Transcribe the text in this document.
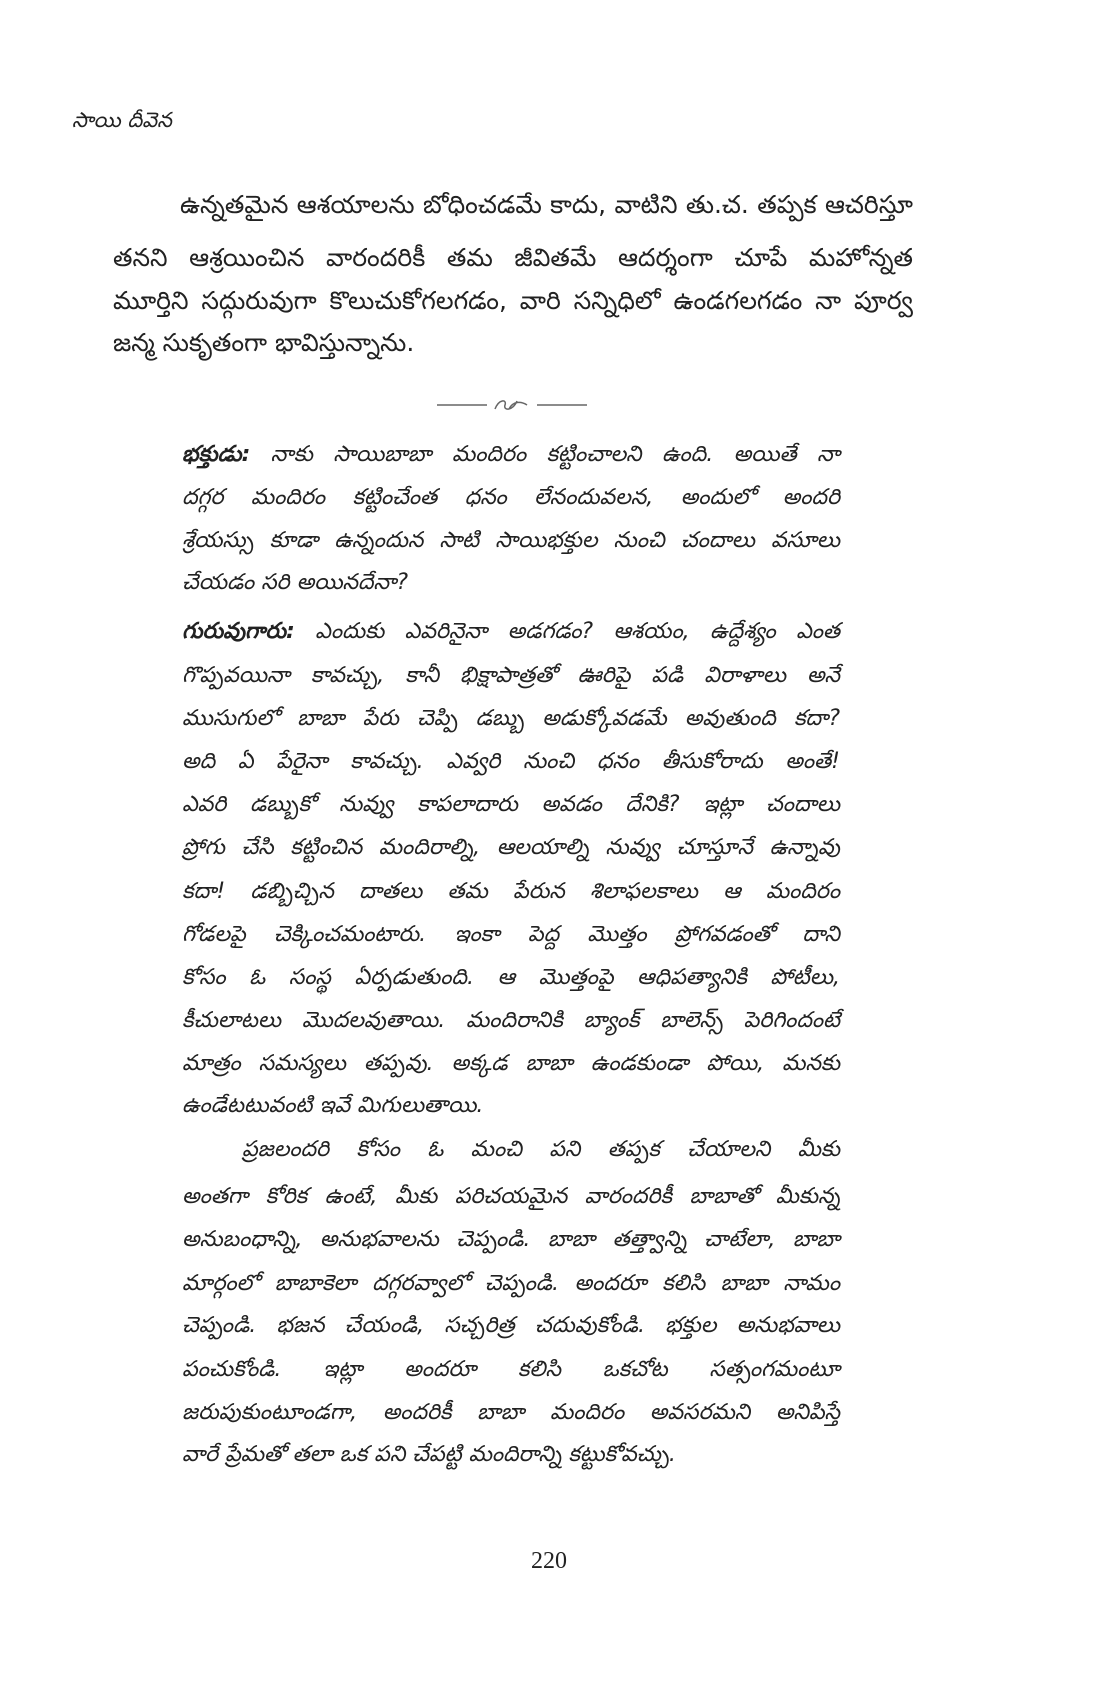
సాయి దీవెన
ఉన్నతమైన ఆశయాలను బోధించడమే కాదు, వాటిని తు.చ. తప్పక ఆచరిస్తూ
తనని ఆశ్రయించిన వారందరికీ తమ జీవితమే ఆదర్శంగా చూపే మహోన్నత
మూర్తిని సద్గురువుగా కొలుచుకోగలగడం, వారి సన్నిధిలో ఉండగలగడం నా పూర్వ
జన్మ సుకృతంగా భావిస్తున్నాను.
భక్తుడు: నాకు సాయిబాబా మందిరం కట్టించాలని ఉంది. అయితే నా
దగ్గర మందిరం కట్టించేంత ధనం లేనందువలన, అందులో అందరి
శ్రేయస్సు కూడా ఉన్నందున సాటి సాయిభక్తుల నుంచి చందాలు వసూలు
చేయడం సరి అయినదేనా?
గురువుగారు: ఎందుకు ఎవరినైనా అడగడం? ఆశయం, ఉద్దేశ్యం ఎంత
గొప్పవయినా కావచ్చు, కానీ భిక్షాపాత్రతో ఊరిపై పడి విరాళాలు అనే
ముసుగులో బాబా పేరు చెప్పి డబ్బు అడుక్కోవడమే అవుతుంది కదా?
అది ఏ పేరైనా కావచ్చు. ఎవ్వరి నుంచి ధనం తీసుకోరాదు అంతే!
ఎవరి డబ్బుకో నువ్వు కాపలాదారు అవడం దేనికి? ఇట్లా చందాలు
ప్రోగు చేసి కట్టించిన మందిరాల్ని, ఆలయాల్ని నువ్వు చూస్తూనే ఉన్నావు
కదా! డబ్బిచ్చిన దాతలు తమ పేరున శిలాఫలకాలు ఆ మందిరం
గోడలపై చెక్కించమంటారు. ఇంకా పెద్ద మొత్తం ప్రోగవడంతో దాని
కోసం ఓ సంస్థ ఏర్పడుతుంది. ఆ మొత్తంపై ఆధిపత్యానికి పోటీలు,
కీచులాటలు మొదలవుతాయి. మందిరానికి బ్యాంక్ బాలెన్స్ పెరిగిందంటే
మాత్రం సమస్యలు తప్పవు. అక్కడ బాబా ఉండకుండా పోయి, మనకు
ఉండేటటువంటి ఇవే మిగులుతాయి.
ప్రజలందరి కోసం ఓ మంచి పని తప్పక చేయాలని మీకు
అంతగా కోరిక ఉంటే, మీకు పరిచయమైన వారందరికీ బాబాతో మీకున్న
అనుబంధాన్ని, అనుభవాలను చెప్పండి. బాబా తత్త్వాన్ని చాటేలా, బాబా
మార్గంలో బాబాకెలా దగ్గరవ్వాలో చెప్పండి. అందరూ కలిసి బాబా నామం
చెప్పండి. భజన చేయండి, సచ్చరిత్ర చదువుకోండి. భక్తుల అనుభవాలు
పంచుకోండి. ఇట్లా అందరూ కలిసి ఒకచోట సత్సంగమంటూ
జరుపుకుంటూండగా, అందరికీ బాబా మందిరం అవసరమని అనిపిస్తే
వారే ప్రేమతో తలా ఒక పని చేపట్టి మందిరాన్ని కట్టుకోవచ్చు.
220
